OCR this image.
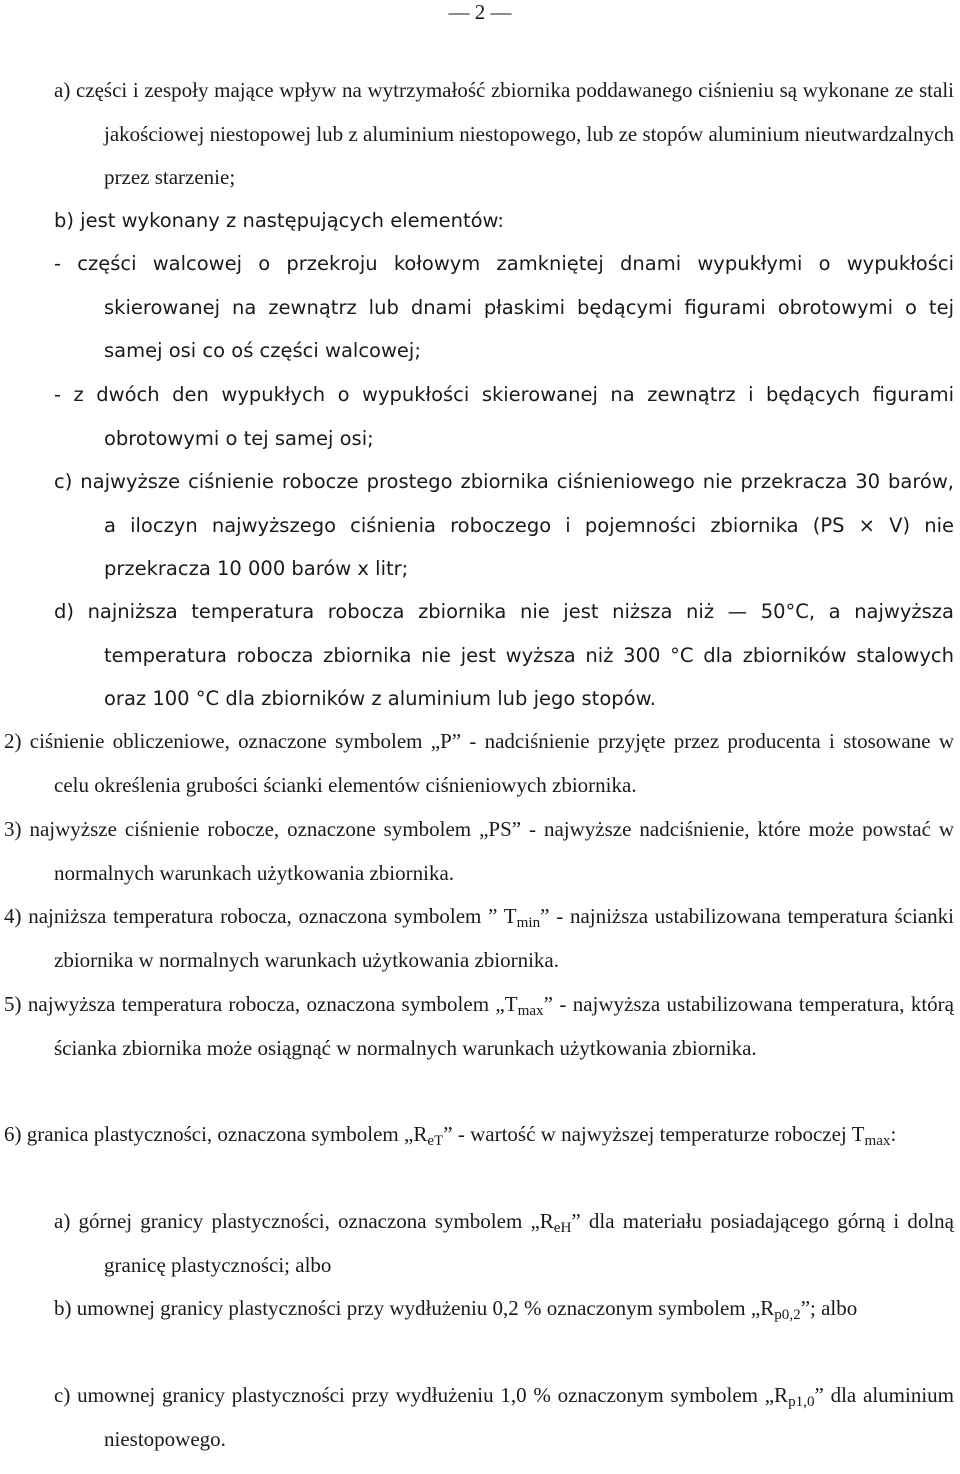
— 2 —

a) części i zespoły mające wpływ na wytrzymałość zbiornika poddawanego ciśnieniu są wykonane ze stali jakościowej niestopowej lub z aluminium niestopowego, lub ze stopów aluminium nieutwardzalnych przez starzenie;

b) jest wykonany z następujących elementów:

- części walcowej o przekroju kołowym zamkniętej dnami wypukłymi o wypukłości skierowanej na zewnątrz lub dnami płaskimi będącymi figurami obrotowymi o tej samej osi co oś części walcowej;

- z dwóch den wypukłych o wypukłości skierowanej na zewnątrz i będących figurami obrotowymi o tej samej osi;

c) najwyższe ciśnienie robocze prostego zbiornika ciśnieniowego nie przekracza 30 barów, a iloczyn najwyższego ciśnienia roboczego i pojemności zbiornika (PS × V) nie przekracza 10 000 barów x litr;

d) najniższa temperatura robocza zbiornika nie jest niższa niż — 50°C, a najwyższa temperatura robocza zbiornika nie jest wyższa niż 300 °C dla zbiorników stalowych oraz 100 °C dla zbiorników z aluminium lub jego stopów.

2) ciśnienie obliczeniowe, oznaczone symbolem „P” - nadciśnienie przyjęte przez producenta i stosowane w celu określenia grubości ścianki elementów ciśnieniowych zbiornika.

3) najwyższe ciśnienie robocze, oznaczone symbolem „PS” - najwyższe nadciśnienie, które może powstać w normalnych warunkach użytkowania zbiornika.

4) najniższa temperatura robocza, oznaczona symbolem ” $T_{min}$” - najniższa ustabilizowana temperatura ścianki zbiornika w normalnych warunkach użytkowania zbiornika.

5) najwyższa temperatura robocza, oznaczona symbolem $„T_{max}$” - najwyższa ustabilizowana temperatura, którą ścianka zbiornika może osiągnąć w normalnych warunkach użytkowania zbiornika.

6) granica plastyczności, oznaczona symbolem $„R_{eT}$” - wartość w najwyższej temperaturze roboczej $T_{max}$:

a) górnej granicy plastyczności, oznaczona symbolem $„R_{eH}$” dla materiału posiadającego górną i dolną granicę plastyczności; albo

b) umownej granicy plastyczności przy wydłużeniu 0,2 % oznaczonym symbolem $„R_{p0,2}$”; albo

c) umownej granicy plastyczności przy wydłużeniu 1,0 % oznaczonym symbolem $„R_{p1,0}$” dla aluminium niestopowego.
